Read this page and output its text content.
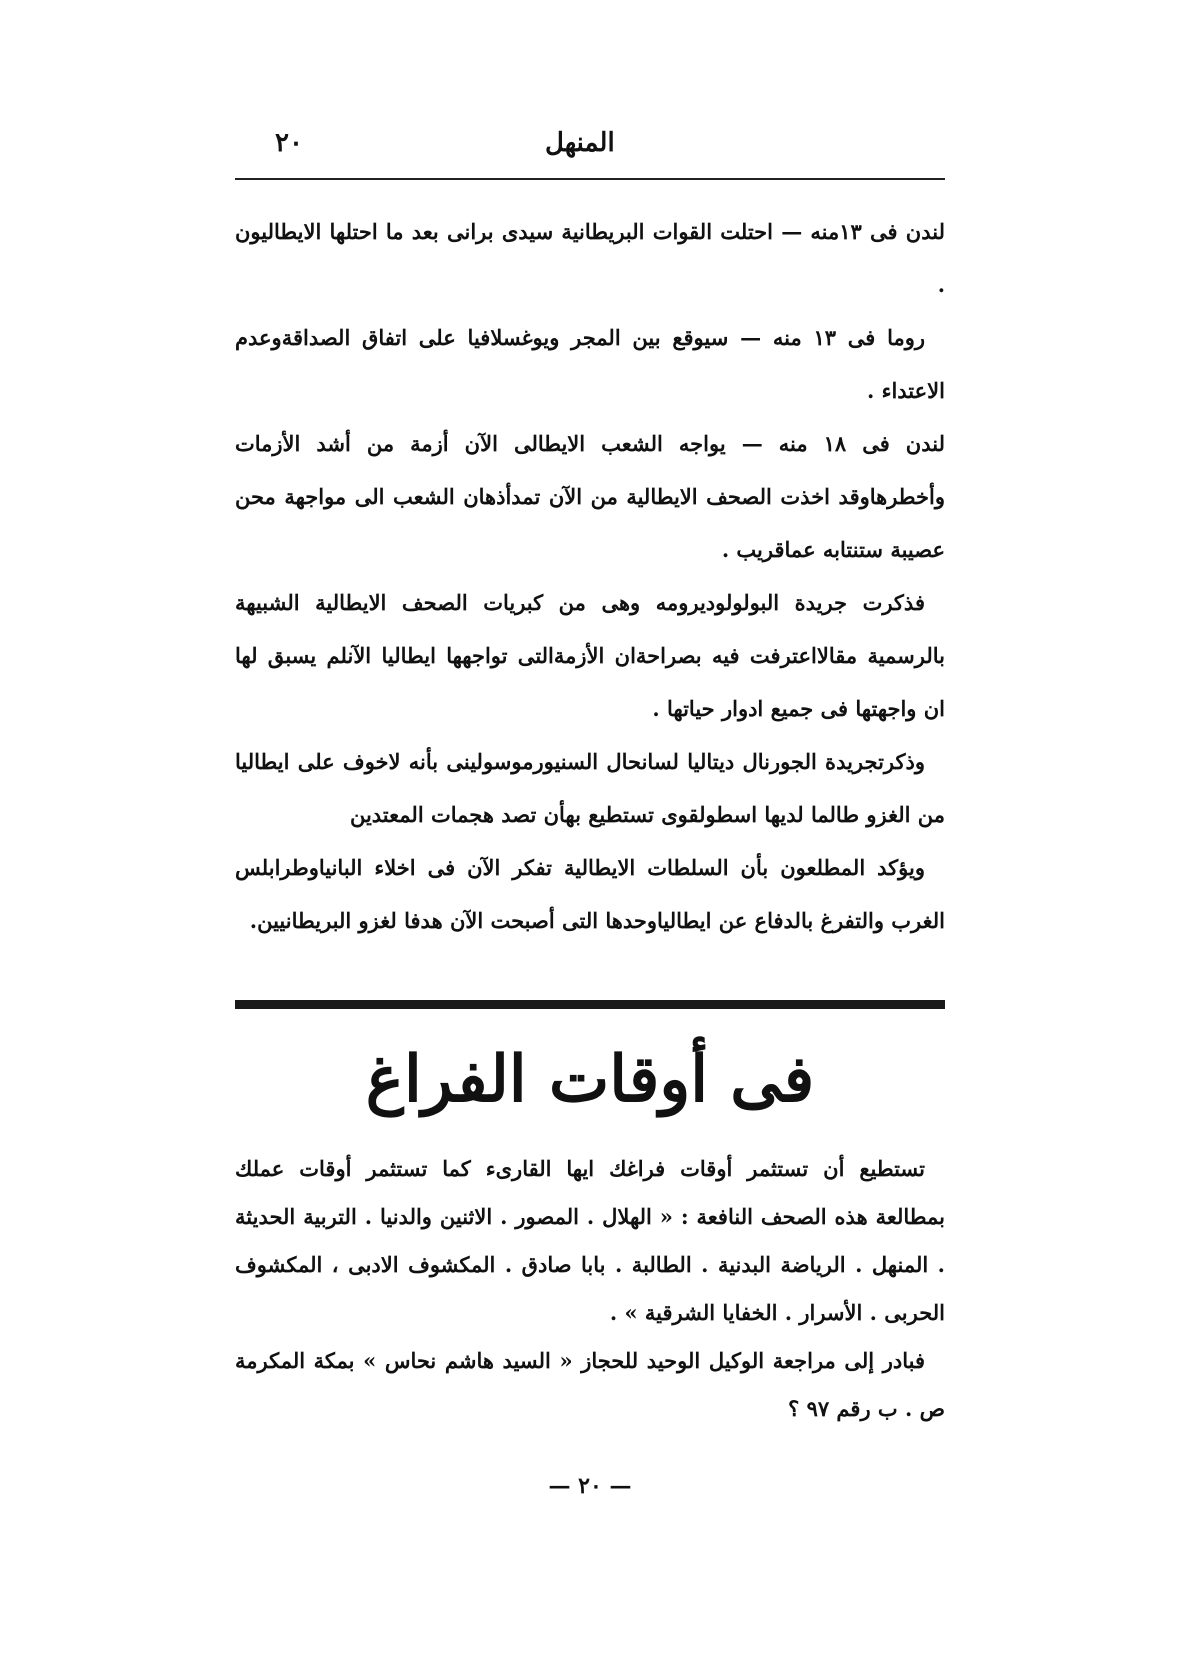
المنهل
٢٠

لندن فى ١٣منه — احتلت القوات البريطانية سيدى برانى بعد ما احتلها الايطاليون .

روما فى ١٣ منه — سيوقع بين المجر ويوغسلافيا على اتفاق الصداقةوعدم الاعتداء .

لندن فى ١٨ منه — يواجه الشعب الايطالى الآن أزمة من أشد الأزمات وأخطرهاوقد اخذت الصحف الايطالية من الآن تمدأذهان الشعب الى مواجهة محن عصيبة ستنتابه عماقريب .

فذكرت جريدة البولولوديرومه وهى من كبريات الصحف الايطالية الشبيهة بالرسمية مقالااعترفت فيه بصراحةان الأزمةالتى تواجهها ايطاليا الآنلم يسبق لها ان واجهتها فى جميع ادوار حياتها .

وذكرتجريدة الجورنال ديتاليا لسانحال السنيورموسولينى بأنه لاخوف على ايطاليا من الغزو طالما لديها اسطولقوى تستطيع بهأن تصد هجمات المعتدين

ويؤكد المطلعون بأن السلطات الايطالية تفكر الآن فى اخلاء البانياوطرابلس الغرب والتفرغ بالدفاع عن ايطالياوحدها التى أصبحت الآن هدفا لغزو البريطانيين.

فى أوقات الفراغ

تستطيع أن تستثمر أوقات فراغك ايها القارىء كما تستثمر أوقات عملك بمطالعة هذه الصحف النافعة : « الهلال . المصور . الاثنين والدنيا . التربية الحديثة . المنهل . الرياضة البدنية . الطالبة . بابا صادق . المكشوف الادبى ، المكشوف الحربى . الأسرار . الخفايا الشرقية » .

فبادر إلى مراجعة الوكيل الوحيد للحجاز « السيد هاشم نحاس » بمكة المكرمة ص . ب رقم ٩٧ ؟

— ٢٠ —
